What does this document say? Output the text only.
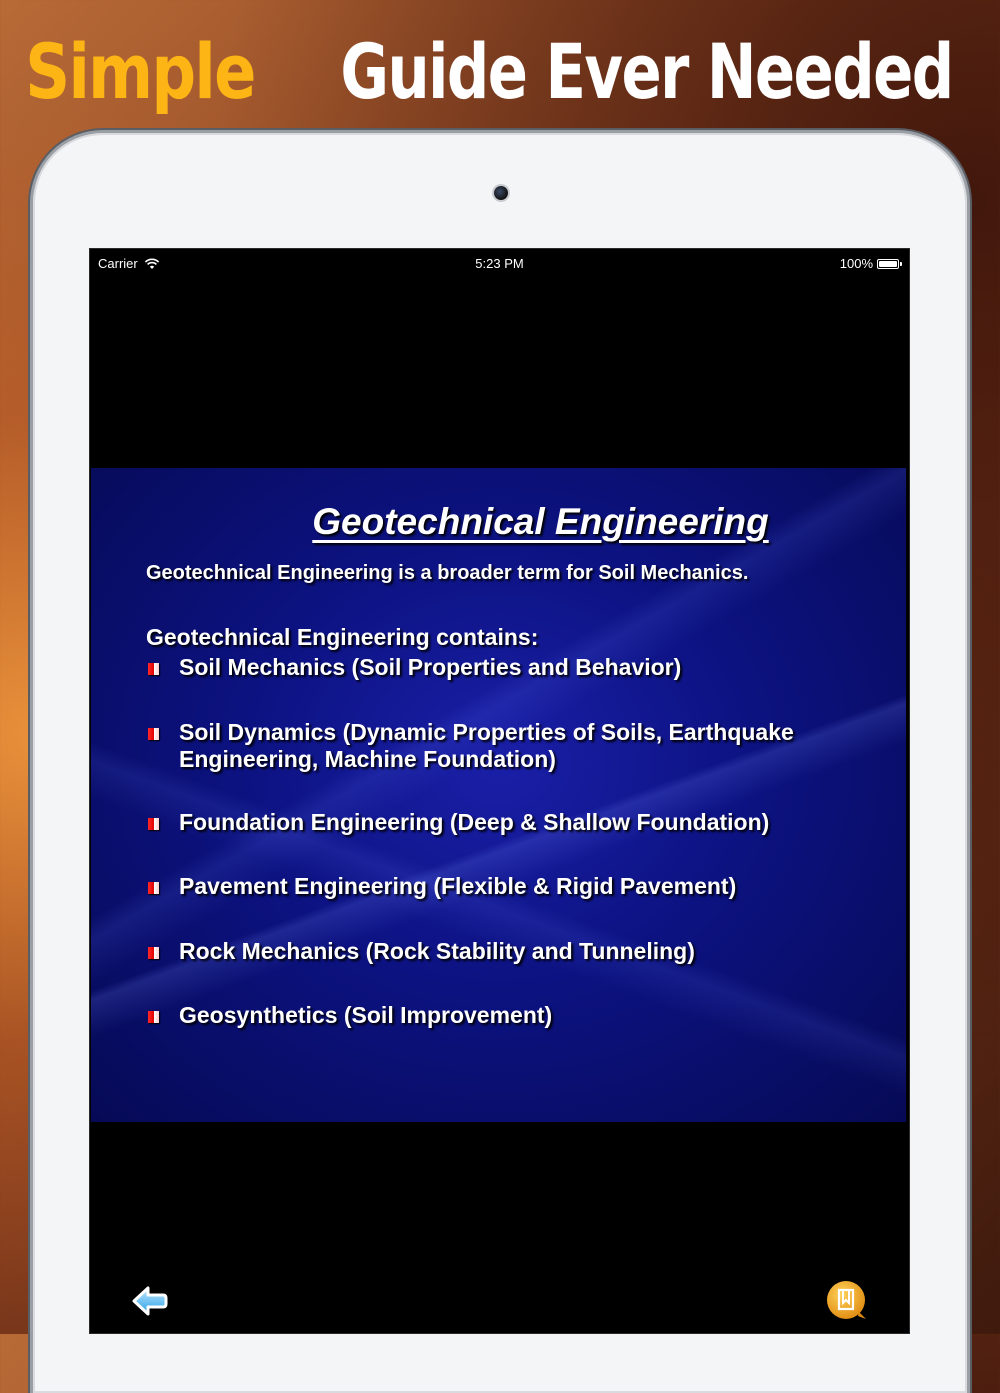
Simple Guide Ever Needed
Carrier	5:23 PM	100%
Geotechnical Engineering
Geotechnical Engineering is a broader term for Soil Mechanics.
Geotechnical Engineering contains:
Soil Mechanics (Soil Properties and Behavior)
Soil Dynamics (Dynamic Properties of Soils, Earthquake Engineering, Machine Foundation)
Foundation Engineering (Deep & Shallow Foundation)
Pavement Engineering (Flexible & Rigid Pavement)
Rock Mechanics (Rock Stability and Tunneling)
Geosynthetics (Soil Improvement)
